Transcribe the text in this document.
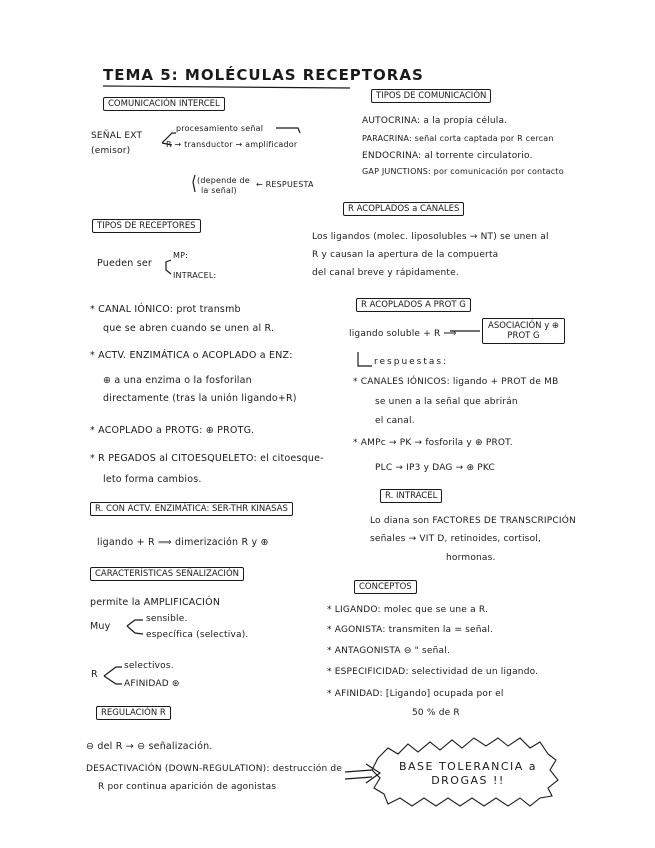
TEMA 5: MOLÉCULAS RECEPTORAS
COMUNICACIÓN INTERCEL
SEÑAL EXT
(emisor)
procesamiento señal
R → transductor → amplificador
(depende de
la señal)
← RESPUESTA
TIPOS DE RECEPTORES
Pueden ser
MP:
INTRACEL:
* CANAL IÓNICO: prot transmb
que se abren cuando se unen al R.
* ACTV. ENZIMÁTICA o ACOPLADO a ENZ:
⊕ a una enzima o la fosforilan
directamente (tras la unión ligando+R)
* ACOPLADO a PROTG: ⊕ PROTG.
* R PEGADOS al CITOESQUELETO: el citoesque-
leto forma cambios.
R. CON ACTV. ENZIMÁTICA: SER-THR KINASAS
ligando + R ⟹ dimerización R y ⊕
CARACTERÍSTICAS SEÑALIZACIÓN
permite la AMPLIFICACIÓN
Muy
sensible.
específica (selectiva).
R
selectivos.
AFINIDAD ⊛
REGULACIÓN R
⊖ del R → ⊖ señalización.
DESACTIVACIÓN (DOWN-REGULATION): destrucción de
R por continua aparición de agonistas
TIPOS DE COMUNICACIÓN
AUTOCRINA: a la propia célula.
PARACRINA: señal corta captada por R cercan
ENDOCRINA: al torrente circulatorio.
GAP JUNCTIONS: por comunicación por contacto
R ACOPLADOS a CANALES
Los ligandos (molec. liposolubles → NT) se unen al
R y causan la apertura de la compuerta
del canal breve y rápidamente.
R ACOPLADOS A PROT G
ligando soluble + R ⟹
ASOCIACIÓN y ⊕
PROT G
respuestas:
* CANALES IÓNICOS: ligando + PROT de MB
se unen a la señal que abrirán
el canal.
* AMPc → PK → fosforila y ⊕ PROT.
PLC → IP3 y DAG → ⊕ PKC
R. INTRACEL
Lo diana son FACTORES DE TRANSCRIPCIÓN
señales → VIT D, retinoides, cortisol,
hormonas.
CONCEPTOS
* LIGANDO: molec que se une a R.
* AGONISTA: transmiten la = señal.
* ANTAGONISTA ⊖ " señal.
* ESPECIFICIDAD: selectividad de un ligando.
* AFINIDAD: [Ligando] ocupada por el
50 % de R
BASE TOLERANCIA a DROGAS !!
